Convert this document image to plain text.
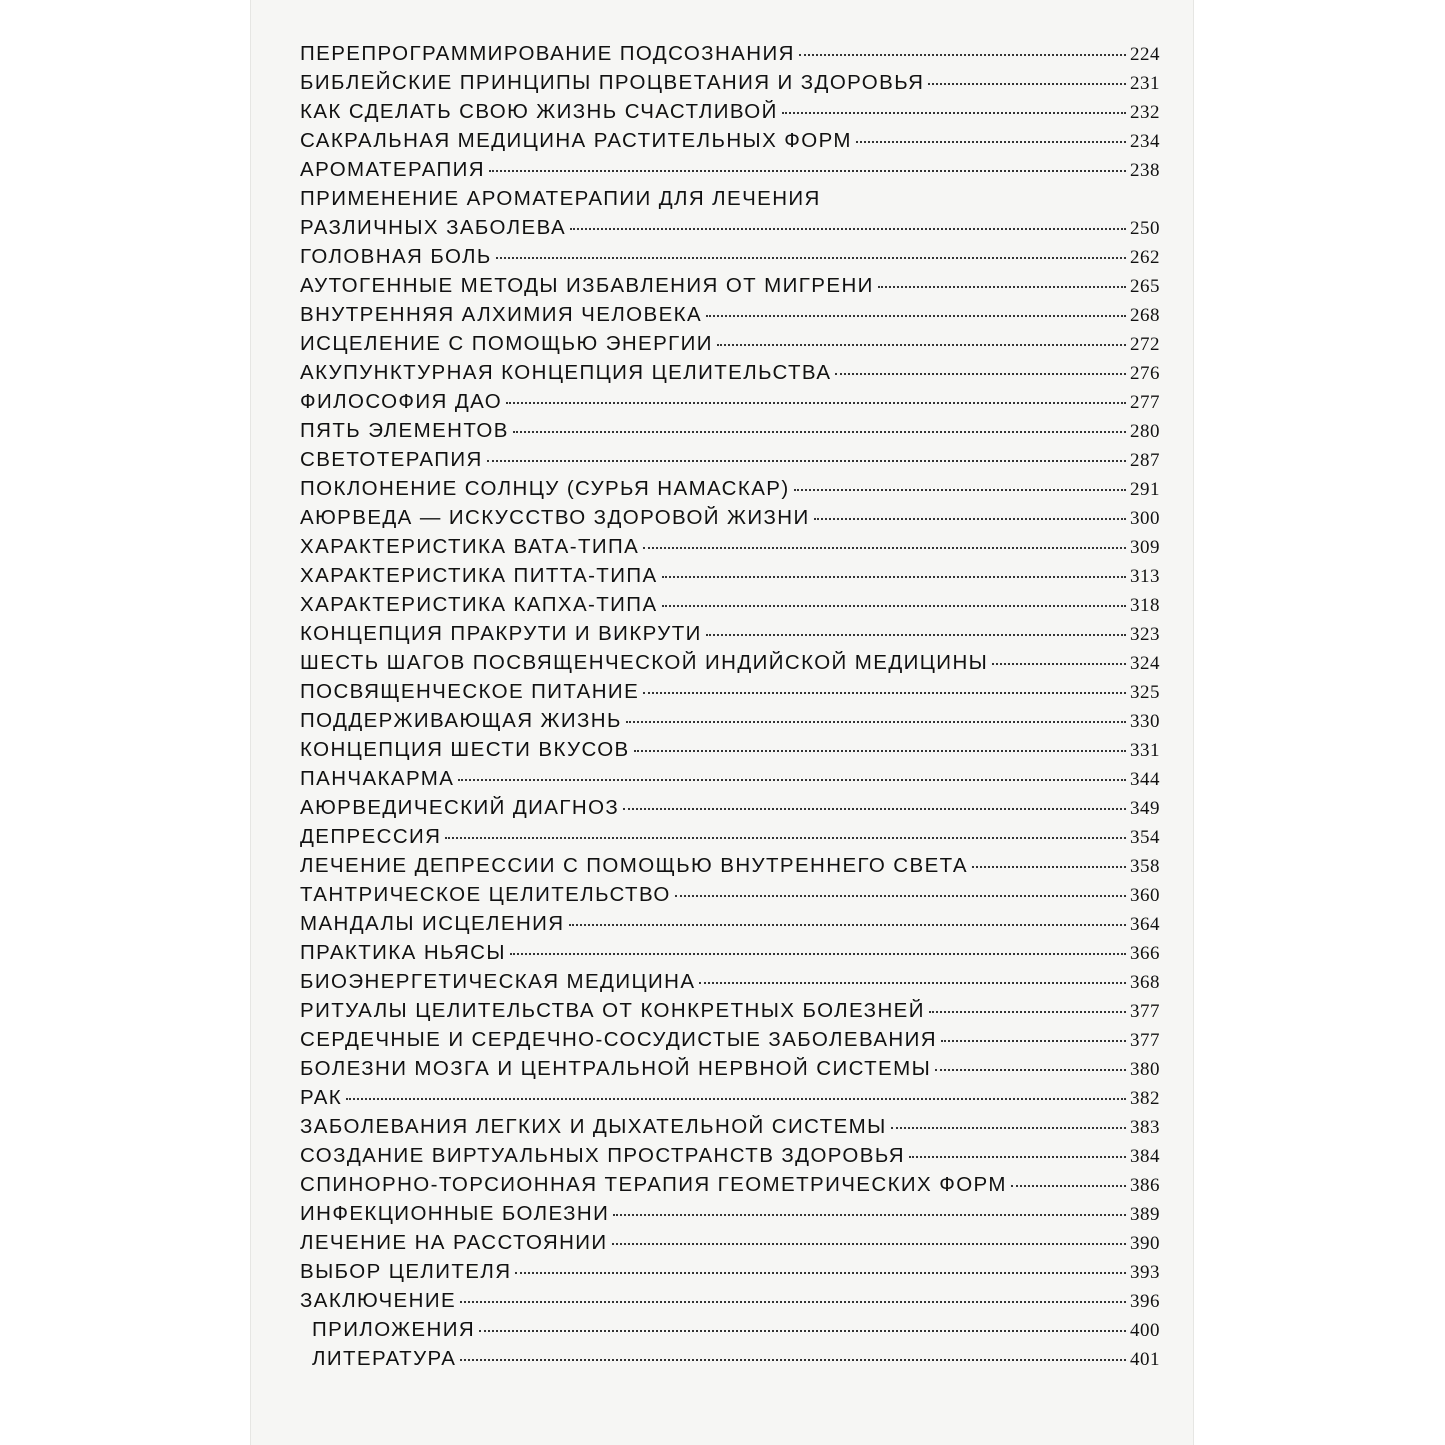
ПЕРЕПРОГРАММИРОВАНИЕ ПОДСОЗНАНИЯ	224
БИБЛЕЙСКИЕ ПРИНЦИПЫ ПРОЦВЕТАНИЯ И ЗДОРОВЬЯ	231
КАК СДЕЛАТЬ СВОЮ ЖИЗНЬ СЧАСТЛИВОЙ	232
САКРАЛЬНАЯ МЕДИЦИНА РАСТИТЕЛЬНЫХ ФОРМ	234
АРОМАТЕРАПИЯ	238
ПРИМЕНЕНИЕ АРОМАТЕРАПИИ ДЛЯ ЛЕЧЕНИЯ
РАЗЛИЧНЫХ ЗАБОЛЕВА	250
ГОЛОВНАЯ БОЛЬ	262
АУТОГЕННЫЕ МЕТОДЫ ИЗБАВЛЕНИЯ ОТ МИГРЕНИ	265
ВНУТРЕННЯЯ АЛХИМИЯ ЧЕЛОВЕКА	268
ИСЦЕЛЕНИЕ С ПОМОЩЬЮ ЭНЕРГИИ	272
АКУПУНКТУРНАЯ КОНЦЕПЦИЯ ЦЕЛИТЕЛЬСТВА	276
ФИЛОСОФИЯ ДАО	277
ПЯТЬ ЭЛЕМЕНТОВ	280
СВЕТОТЕРАПИЯ	287
ПОКЛОНЕНИЕ СОЛНЦУ (СУРЬЯ НАМАСКАР)	291
АЮРВЕДА — ИСКУССТВО ЗДОРОВОЙ ЖИЗНИ	300
ХАРАКТЕРИСТИКА ВАТА-ТИПА	309
ХАРАКТЕРИСТИКА ПИТТА-ТИПА	313
ХАРАКТЕРИСТИКА КАПХА-ТИПА	318
КОНЦЕПЦИЯ ПРАКРУТИ И ВИКРУТИ	323
ШЕСТЬ ШАГОВ ПОСВЯЩЕНЧЕСКОЙ ИНДИЙСКОЙ МЕДИЦИНЫ	324
ПОСВЯЩЕНЧЕСКОЕ ПИТАНИЕ	325
ПОДДЕРЖИВАЮЩАЯ ЖИЗНЬ	330
КОНЦЕПЦИЯ ШЕСТИ ВКУСОВ	331
ПАНЧАКАРМА	344
АЮРВЕДИЧЕСКИЙ ДИАГНОЗ	349
ДЕПРЕССИЯ	354
ЛЕЧЕНИЕ ДЕПРЕССИИ С ПОМОЩЬЮ ВНУТРЕННЕГО СВЕТА	358
ТАНТРИЧЕСКОЕ ЦЕЛИТЕЛЬСТВО	360
МАНДАЛЫ ИСЦЕЛЕНИЯ	364
ПРАКТИКА НЬЯСЫ	366
БИОЭНЕРГЕТИЧЕСКАЯ МЕДИЦИНА	368
РИТУАЛЫ ЦЕЛИТЕЛЬСТВА ОТ КОНКРЕТНЫХ БОЛЕЗНЕЙ	377
СЕРДЕЧНЫЕ И СЕРДЕЧНО-СОСУДИСТЫЕ ЗАБОЛЕВАНИЯ	377
БОЛЕЗНИ МОЗГА И ЦЕНТРАЛЬНОЙ НЕРВНОЙ СИСТЕМЫ	380
РАК	382
ЗАБОЛЕВАНИЯ ЛЕГКИХ И ДЫХАТЕЛЬНОЙ СИСТЕМЫ	383
СОЗДАНИЕ ВИРТУАЛЬНЫХ ПРОСТРАНСТВ ЗДОРОВЬЯ	384
СПИНОРНО-ТОРСИОННАЯ ТЕРАПИЯ ГЕОМЕТРИЧЕСКИХ ФОРМ	386
ИНФЕКЦИОННЫЕ БОЛЕЗНИ	389
ЛЕЧЕНИЕ НА РАССТОЯНИИ	390
ВЫБОР ЦЕЛИТЕЛЯ	393
ЗАКЛЮЧЕНИЕ	396
ПРИЛОЖЕНИЯ	400
ЛИТЕРАТУРА	401
